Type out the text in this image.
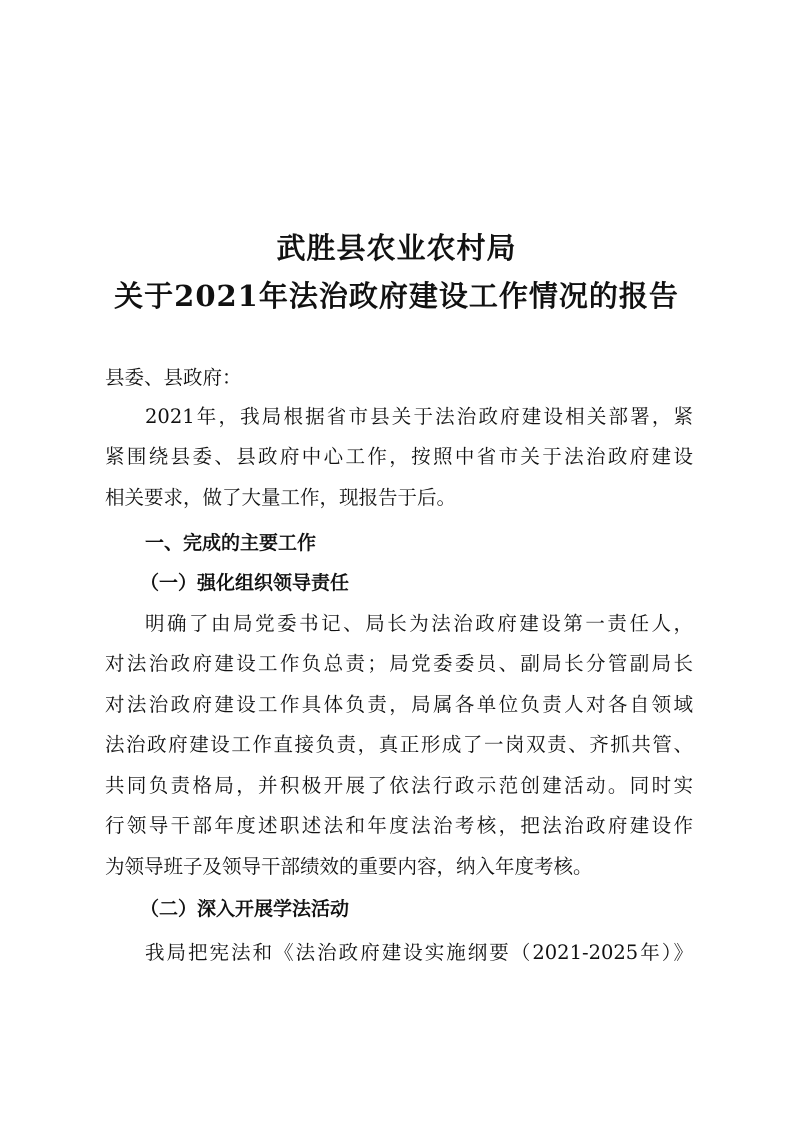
武胜县农业农村局
关于2021年法治政府建设工作情况的报告
县委、县政府：
2021年，我局根据省市县关于法治政府建设相关部署，紧
紧围绕县委、县政府中心工作，按照中省市关于法治政府建设
相关要求，做了大量工作，现报告于后。
一、完成的主要工作
（一）强化组织领导责任
明确了由局党委书记、局长为法治政府建设第一责任人，
对法治政府建设工作负总责；局党委委员、副局长分管副局长
对法治政府建设工作具体负责，局属各单位负责人对各自领域
法治政府建设工作直接负责，真正形成了一岗双责、齐抓共管、
共同负责格局，并积极开展了依法行政示范创建活动。同时实
行领导干部年度述职述法和年度法治考核，把法治政府建设作
为领导班子及领导干部绩效的重要内容，纳入年度考核。
（二）深入开展学法活动
我局把宪法和《法治政府建设实施纲要（2021-2025年）》
